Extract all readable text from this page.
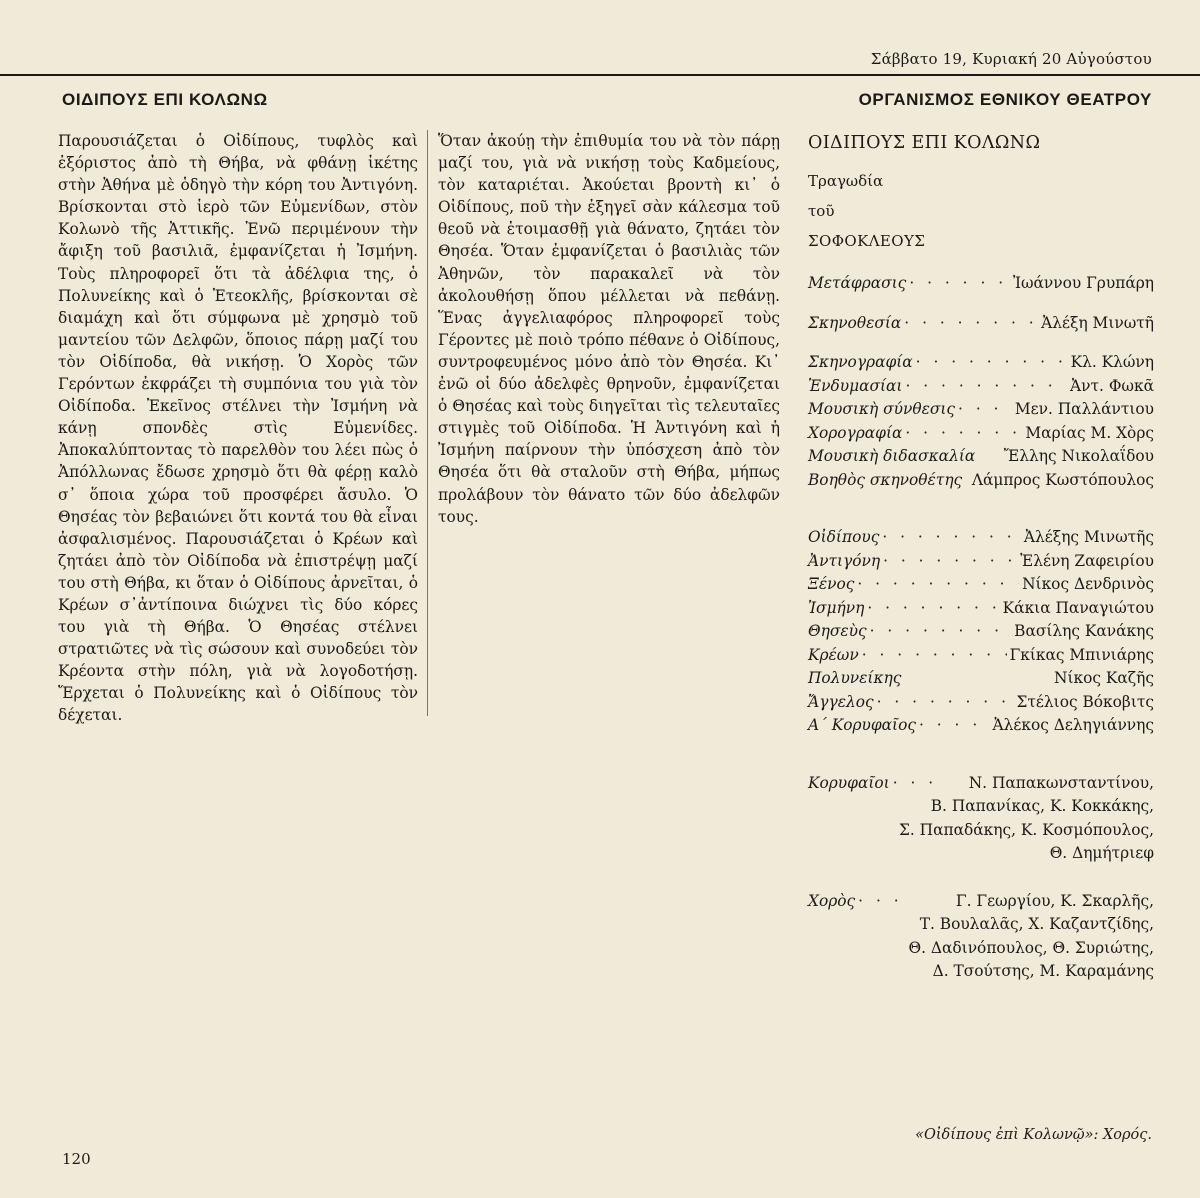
Σάββατο 19, Κυριακή 20 Αὐγούστου
ΟΙΔΙΠΟΥΣ ΕΠΙ ΚΟΛΩΝΩ	ΟΡΓΑΝΙΣΜΟΣ ΕΘΝΙΚΟΥ ΘΕΑΤΡΟΥ

Παρουσιάζεται ὁ Οἰδίπους, τυφλὸς καὶ ἐξόριστος ἀπὸ τὴ Θήβα, νὰ φθάνῃ ἱκέτης στὴν Ἀθήνα μὲ ὁδηγὸ τὴν κόρη του Ἀντιγόνη. Βρίσκονται στὸ ἱερὸ τῶν Εὐμενίδων, στὸν Κολωνὸ τῆς Ἀττικῆς. Ἐνῶ περιμένουν τὴν ἄφιξη τοῦ βασιλιᾶ, ἐμφανίζεται ἡ Ἰσμήνη. Τοὺς πληροφορεῖ ὅτι τὰ ἀδέλφια της, ὁ Πολυνείκης καὶ ὁ Ἐτεοκλῆς, βρίσκονται σὲ διαμάχη καὶ ὅτι σύμφωνα μὲ χρησμὸ τοῦ μαντείου τῶν Δελφῶν, ὅποιος πάρῃ μαζί του τὸν Οἰδίποδα, θὰ νικήσῃ. Ὁ Χορὸς τῶν Γερόντων ἐκφράζει τὴ συμπόνια του γιὰ τὸν Οἰδίποδα. Ἐκεῖνος στέλνει τὴν Ἰσμήνη νὰ κάνῃ σπονδὲς στὶς Εὐμενίδες. Ἀποκαλύπτοντας τὸ παρελθὸν του λέει πὼς ὁ Ἀπόλλωνας ἔδωσε χρησμὸ ὅτι θὰ φέρῃ καλὸ σ᾽ ὅποια χώρα τοῦ προσφέρει ἄσυλο. Ὁ Θησέας τὸν βεβαιώνει ὅτι κοντά του θὰ εἶναι ἀσφαλισμένος. Παρουσιάζεται ὁ Κρέων καὶ ζητάει ἀπὸ τὸν Οἰδίποδα νὰ ἐπιστρέψῃ μαζί του στὴ Θήβα, κι ὅταν ὁ Οἰδίπους ἀρνεῖται, ὁ Κρέων σ᾽ἀντίποινα διώχνει τὶς δύο κόρες του γιὰ τὴ Θήβα. Ὁ Θησέας στέλνει στρατιῶτες νὰ τὶς σώσουν καὶ συνοδεύει τὸν Κρέοντα στὴν πόλη, γιὰ νὰ λογοδοτήσῃ. Ἔρχεται ὁ Πολυνείκης καὶ ὁ Οἰδίπους τὸν δέχεται.

Ὅταν ἀκούῃ τὴν ἐπιθυμία του νὰ τὸν πάρῃ μαζί του, γιὰ νὰ νικήσῃ τοὺς Καδμείους, τὸν καταριέται. Ἀκούεται βροντὴ κι᾽ ὁ Οἰδίπους, ποῦ τὴν ἐξηγεῖ σὰν κάλεσμα τοῦ θεοῦ νὰ ἑτοιμασθῇ γιὰ θάνατο, ζητάει τὸν Θησέα. Ὅταν ἐμφανίζεται ὁ βασιλιὰς τῶν Ἀθηνῶν, τὸν παρακαλεῖ νὰ τὸν ἀκολουθήσῃ ὅπου μέλλεται νὰ πεθάνῃ. Ἕνας ἀγγελιαφόρος πληροφορεῖ τοὺς Γέροντες μὲ ποιὸ τρόπο πέθανε ὁ Οἰδίπους, συντροφευμένος μόνο ἀπὸ τὸν Θησέα. Κι᾽ ἐνῶ οἱ δύο ἀδελφὲς θρηνοῦν, ἐμφανίζεται ὁ Θησέας καὶ τοὺς διηγεῖται τὶς τελευταῖες στιγμὲς τοῦ Οἰδίποδα. Ἡ Ἀντιγόνη καὶ ἡ Ἰσμήνη παίρνουν τὴν ὑπόσχεση ἀπὸ τὸν Θησέα ὅτι θὰ σταλοῦν στὴ Θήβα, μήπως προλάβουν τὸν θάνατο τῶν δύο ἀδελφῶν τους.

ΟΙΔΙΠΟΥΣ ΕΠΙ ΚΟΛΩΝΩ
Τραγωδία
τοῦ
ΣΟΦΟΚΛΕΟΥΣ
Μετάφρασις · · ·	Ἰωάννου Γρυπάρη
Σκηνοθεσία · · ·	Ἀλέξη Μινωτῆ
Σκηνογραφία · · ·	Κλ. Κλώνη
Ἐνδυμασίαι · · ·	Ἀντ. Φωκᾶ
Μουσικὴ σύνθεσις · · ·	Μεν. Παλλάντιου
Χορογραφία · · ·	Μαρίας Μ. Χὸρς
Μουσικὴ διδασκαλία Ἔλλης Νικολαΐδου
Βοηθὸς σκηνοθέτης Λάμπρος Κωστόπουλος
Οἰδίπους · · ·	Ἀλέξης Μινωτῆς
Ἀντιγόνη · · ·	Ἑλένη Ζαφειρίου
Ξένος · · ·	Νίκος Δενδρινὸς
Ἰσμήνη · · ·	Κάκια Παναγιώτου
Θησεὺς · · ·	Βασίλης Κανάκης
Κρέων · · ·	Γκίκας Μπινιάρης
Πολυνείκης	Νίκος Καζῆς
Ἄγγελος · · ·	Στέλιος Βόκοβιτς
Α΄ Κορυφαῖος · · ·	Ἀλέκος Δεληγιάννης
Κορυφαῖοι · · ·	Ν. Παπακωνσταντίνου,
Β. Παπανίκας, Κ. Κοκκάκης,
Σ. Παπαδάκης, Κ. Κοσμόπουλος,
Θ. Δημήτριεφ
Χορὸς · · ·	Γ. Γεωργίου, Κ. Σκαρλῆς,
Τ. Βουλαλᾶς, Χ. Καζαντζίδης,
Θ. Δαδινόπουλος, Θ. Συριώτης,
Δ. Τσούτσης, Μ. Καραμάνης
«Οἰδίπους ἐπὶ Κολωνῷ»: Χορός.
120
